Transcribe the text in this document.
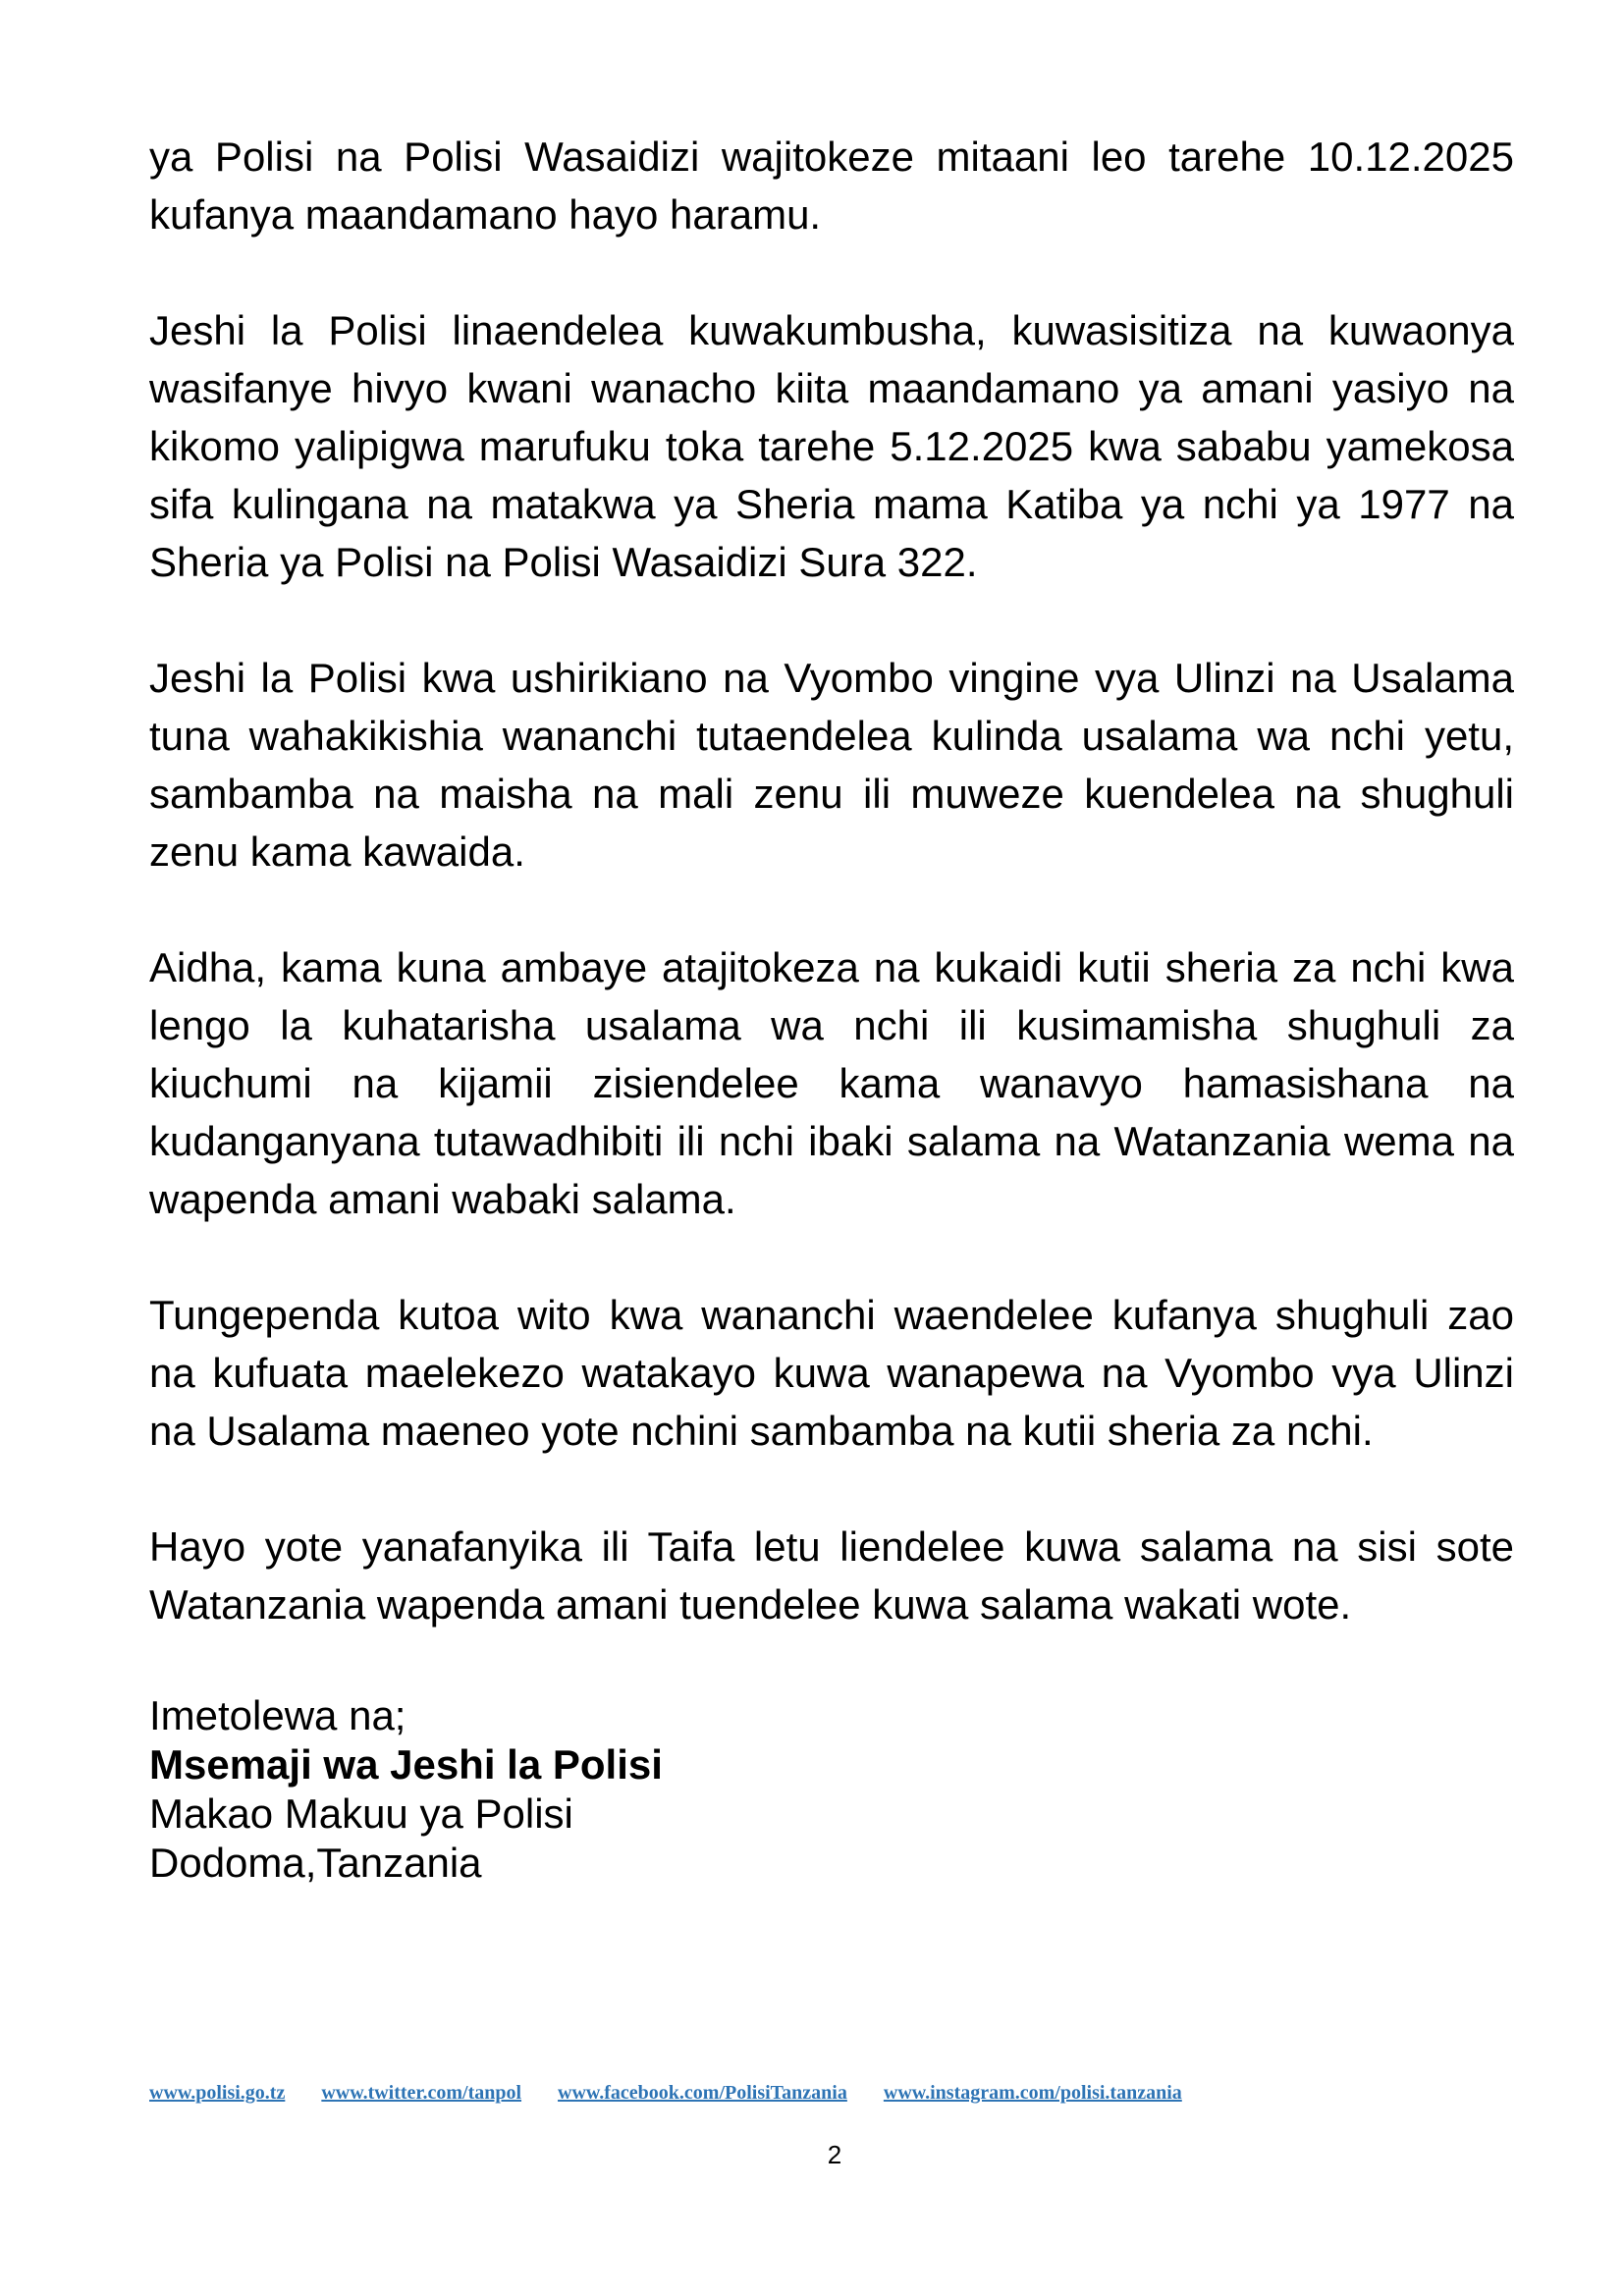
ya Polisi na Polisi Wasaidizi wajitokeze mitaani leo tarehe 10.12.2025 kufanya maandamano hayo haramu.

Jeshi la Polisi linaendelea kuwakumbusha, kuwasisitiza na kuwaonya wasifanye hivyo kwani wanacho kiita maandamano ya amani yasiyo na kikomo yalipigwa marufuku toka tarehe 5.12.2025 kwa sababu yamekosa sifa kulingana na matakwa ya Sheria mama Katiba ya nchi ya 1977 na Sheria ya Polisi na Polisi Wasaidizi Sura 322.

Jeshi la Polisi kwa ushirikiano na Vyombo vingine vya Ulinzi na Usalama tuna wahakikishia wananchi tutaendelea kulinda usalama wa nchi yetu, sambamba na maisha na mali zenu ili muweze kuendelea na shughuli zenu kama kawaida.

Aidha, kama kuna ambaye atajitokeza na kukaidi kutii sheria za nchi kwa lengo la kuhatarisha usalama wa nchi ili kusimamisha shughuli za kiuchumi na kijamii zisiendelee kama wanavyo hamasishana na kudanganyana tutawadhibiti ili nchi ibaki salama na Watanzania wema na wapenda amani wabaki salama.

Tungependa kutoa wito kwa wananchi waendelee kufanya shughuli zao na kufuata maelekezo watakayo kuwa wanapewa na Vyombo vya Ulinzi na Usalama maeneo yote nchini sambamba na kutii sheria za nchi.

Hayo yote yanafanyika ili Taifa letu liendelee kuwa salama na sisi sote Watanzania wapenda amani tuendelee kuwa salama wakati wote.

Imetolewa na;
Msemaji wa Jeshi la Polisi
Makao Makuu ya Polisi
Dodoma,Tanzania
www.polisi.go.tz www.twitter.com/tanpol www.facebook.com/PolisiTanzania www.instagram.com/polisi.tanzania
2
